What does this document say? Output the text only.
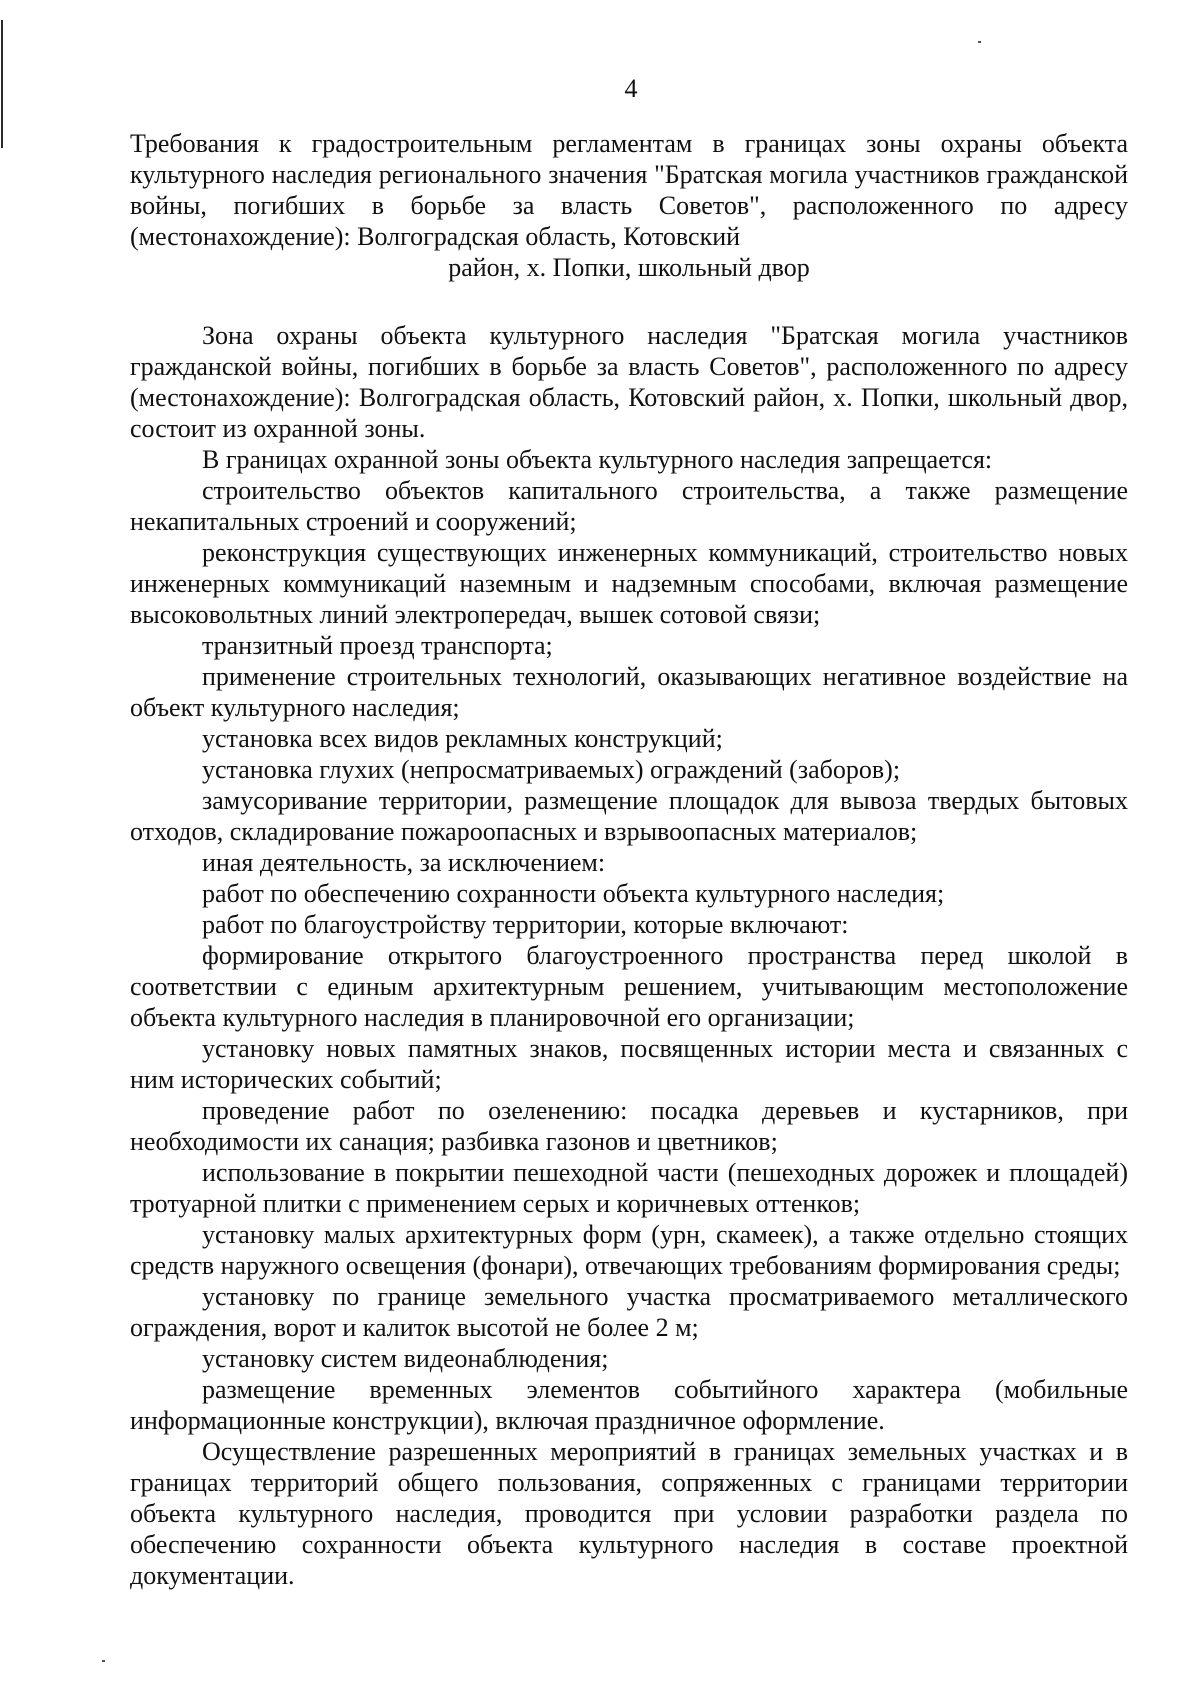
4
Требования к градостроительным регламентам в границах зоны охраны объекта культурного наследия регионального значения "Братская могила участников гражданской войны, погибших в борьбе за власть Советов", расположенного по адресу (местонахождение): Волгоградская область, Котовский
район, х. Попки, школьный двор

Зона охраны объекта культурного наследия "Братская могила участников гражданской войны, погибших в борьбе за власть Советов", расположенного по адресу (местонахождение): Волгоградская область, Котовский район, х. Попки, школьный двор, состоит из охранной зоны.

В границах охранной зоны объекта культурного наследия запрещается:

строительство объектов капитального строительства, а также размещение некапитальных строений и сооружений;

реконструкция существующих инженерных коммуникаций, строительство новых инженерных коммуникаций наземным и надземным способами, включая размещение высоковольтных линий электропередач, вышек сотовой связи;

транзитный проезд транспорта;

применение строительных технологий, оказывающих негативное воздействие на объект культурного наследия;

установка всех видов рекламных конструкций;

установка глухих (непросматриваемых) ограждений (заборов);

замусоривание территории, размещение площадок для вывоза твердых бытовых отходов, складирование пожароопасных и взрывоопасных материалов;

иная деятельность, за исключением:

работ по обеспечению сохранности объекта культурного наследия;

работ по благоустройству территории, которые включают:

формирование открытого благоустроенного пространства перед школой в соответствии с единым архитектурным решением, учитывающим местоположение объекта культурного наследия в планировочной его организации;

установку новых памятных знаков, посвященных истории места и связанных с ним исторических событий;

проведение работ по озеленению: посадка деревьев и кустарников, при необходимости их санация; разбивка газонов и цветников;

использование в покрытии пешеходной части (пешеходных дорожек и площадей) тротуарной плитки с применением серых и коричневых оттенков;

установку малых архитектурных форм (урн, скамеек), а также отдельно стоящих средств наружного освещения (фонари), отвечающих требованиям формирования среды;

установку по границе земельного участка просматриваемого металлического ограждения, ворот и калиток высотой не более 2 м;

установку систем видеонаблюдения;

размещение временных элементов событийного характера (мобильные информационные конструкции), включая праздничное оформление.

Осуществление разрешенных мероприятий в границах земельных участках и в границах территорий общего пользования, сопряженных с границами территории объекта культурного наследия, проводится при условии разработки раздела по обеспечению сохранности объекта культурного наследия в составе проектной документации.
